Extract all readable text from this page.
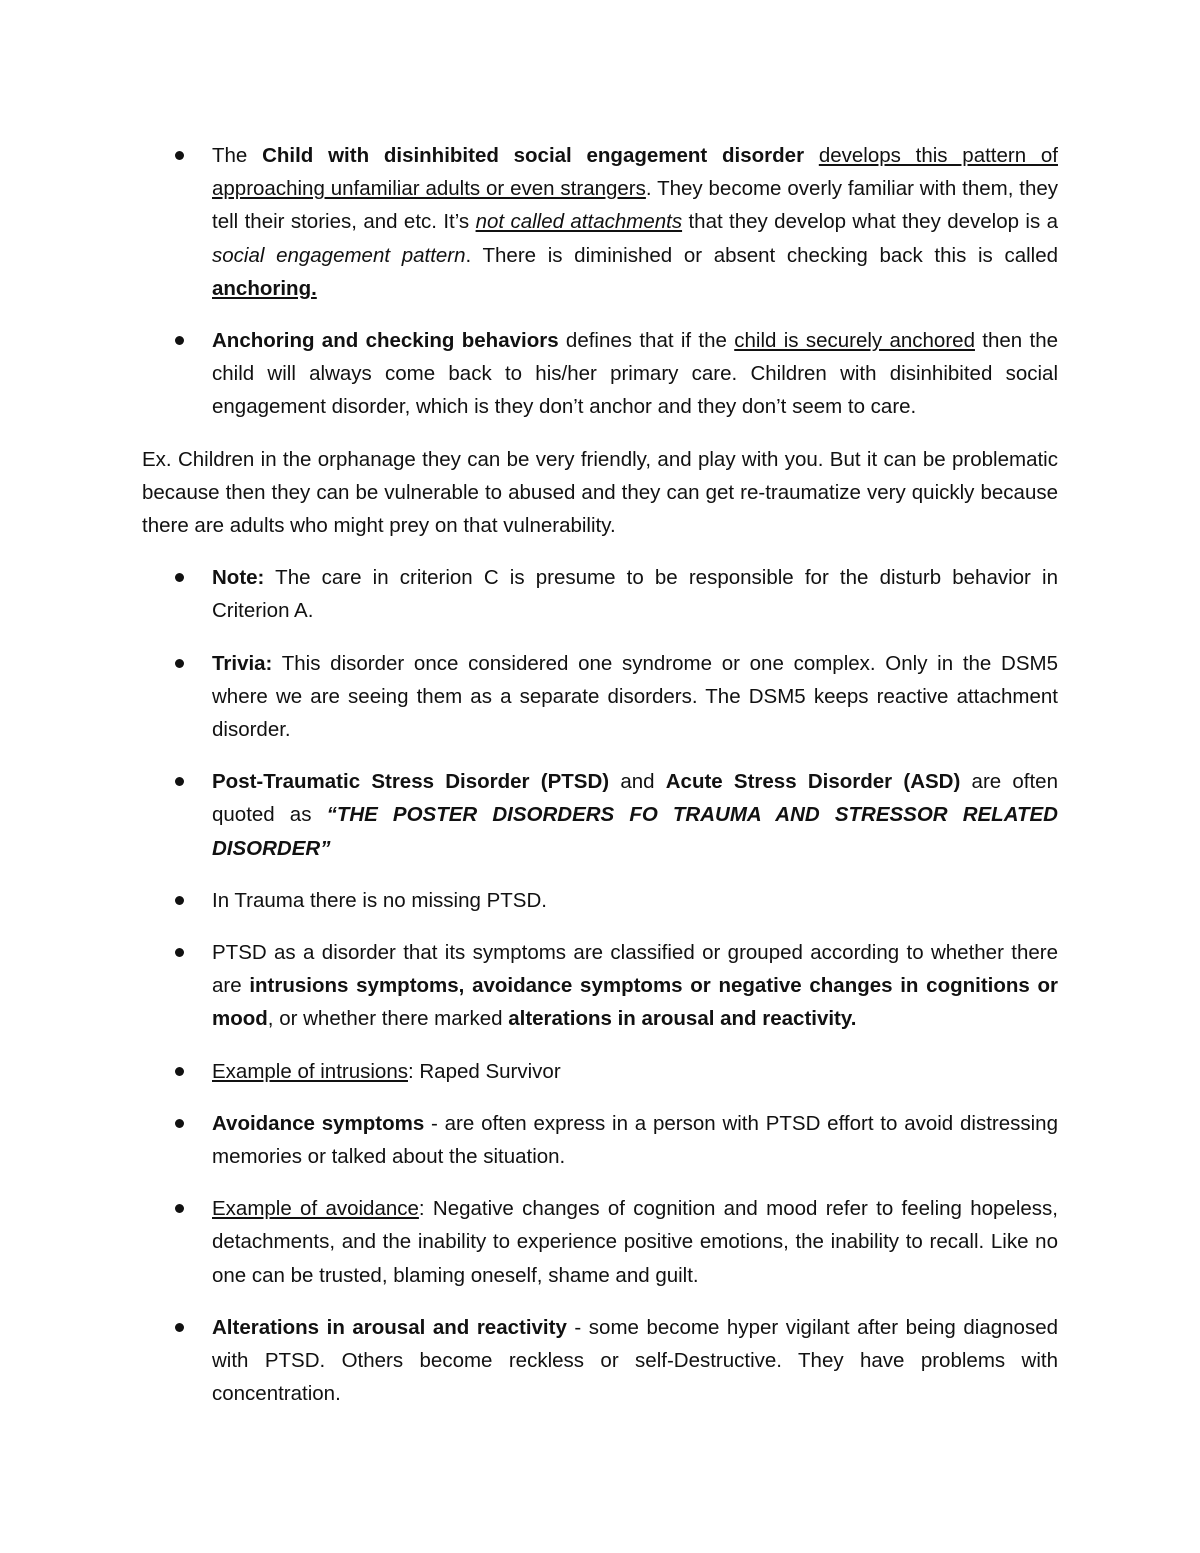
The Child with disinhibited social engagement disorder develops this pattern of approaching unfamiliar adults or even strangers. They become overly familiar with them, they tell their stories, and etc. It’s not called attachments that they develop what they develop is a social engagement pattern. There is diminished or absent checking back this is called anchoring.
Anchoring and checking behaviors defines that if the child is securely anchored then the child will always come back to his/her primary care. Children with disinhibited social engagement disorder, which is they don’t anchor and they don’t seem to care.

Ex. Children in the orphanage they can be very friendly, and play with you. But it can be problematic because then they can be vulnerable to abused and they can get re-traumatize very quickly because there are adults who might prey on that vulnerability.

Note: The care in criterion C is presume to be responsible for the disturb behavior in Criterion A.
Trivia: This disorder once considered one syndrome or one complex. Only in the DSM5 where we are seeing them as a separate disorders. The DSM5 keeps reactive attachment disorder.
Post-Traumatic Stress Disorder (PTSD) and Acute Stress Disorder (ASD) are often quoted as “THE POSTER DISORDERS FO TRAUMA AND STRESSOR RELATED DISORDER”
In Trauma there is no missing PTSD.
PTSD as a disorder that its symptoms are classified or grouped according to whether there are intrusions symptoms, avoidance symptoms or negative changes in cognitions or mood, or whether there marked alterations in arousal and reactivity.
Example of intrusions: Raped Survivor
Avoidance symptoms - are often express in a person with PTSD effort to avoid distressing memories or talked about the situation.
Example of avoidance: Negative changes of cognition and mood refer to feeling hopeless, detachments, and the inability to experience positive emotions, the inability to recall. Like no one can be trusted, blaming oneself, shame and guilt.
Alterations in arousal and reactivity - some become hyper vigilant after being diagnosed with PTSD. Others become reckless or self-Destructive. They have problems with concentration.
